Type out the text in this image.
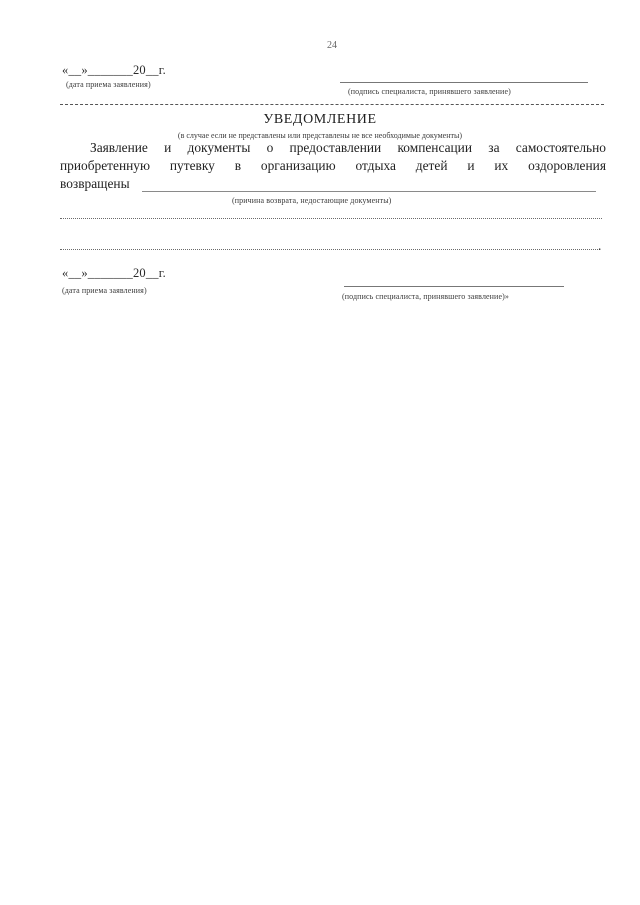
24
«__»_______20__г.
(дата приема заявления)
(подпись специалиста, принявшего заявление)
УВЕДОМЛЕНИЕ
(в случае если не представлены или представлены не все необходимые документы)
Заявление и документы о предоставлении компенсации за самостоятельно
приобретенную путевку в организацию отдыха детей и их оздоровления
возвращены
(причина возврата, недостающие документы)
.
«__»_______20__г.
(дата приема заявления)
(подпись специалиста, принявшего заявление)»
